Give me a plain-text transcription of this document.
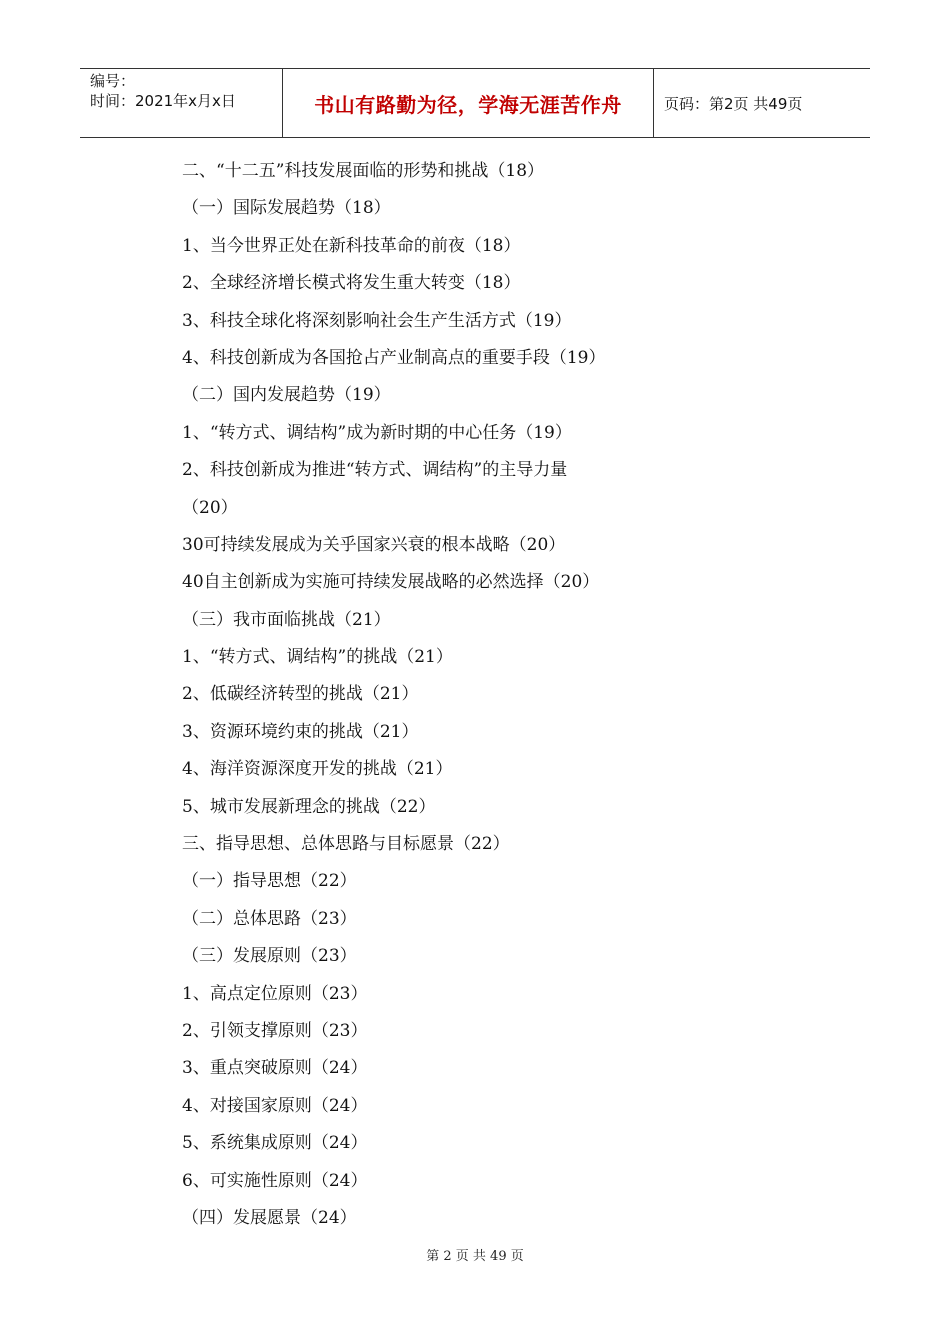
编号：
时间：2021年x月x日	书山有路勤为径，学海无涯苦作舟	页码：第2页 共49页
二、“十二五”科技发展面临的形势和挑战（18）
（一）国际发展趋势（18）
1、当今世界正处在新科技革命的前夜（18）
2、全球经济增长模式将发生重大转变（18）
3、科技全球化将深刻影响社会生产生活方式（19）
4、科技创新成为各国抢占产业制高点的重要手段（19）
（二）国内发展趋势（19）
1、“转方式、调结构”成为新时期的中心任务（19）
2、科技创新成为推进“转方式、调结构”的主导力量
（20）
30可持续发展成为关乎国家兴衰的根本战略（20）
40自主创新成为实施可持续发展战略的必然选择（20）
（三）我市面临挑战（21）
1、“转方式、调结构”的挑战（21）
2、低碳经济转型的挑战（21）
3、资源环境约束的挑战（21）
4、海洋资源深度开发的挑战（21）
5、城市发展新理念的挑战（22）
三、指导思想、总体思路与目标愿景（22）
（一）指导思想（22）
（二）总体思路（23）
（三）发展原则（23）
1、高点定位原则（23）
2、引领支撑原则（23）
3、重点突破原则（24）
4、对接国家原则（24）
5、系统集成原则（24）
6、可实施性原则（24）
（四）发展愿景（24）
第 2 页 共 49 页
